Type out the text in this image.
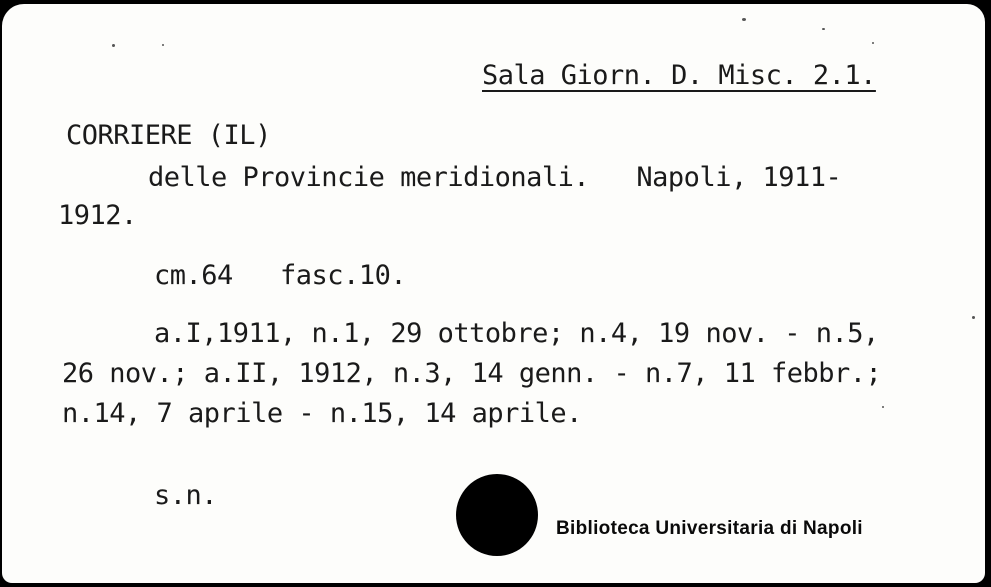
Sala Giorn. D. Misc. 2.1.
CORRIERE (IL)
delle Provincie meridionali.   Napoli, 1911-
1912.
cm.64   fasc.10.
a.I,1911, n.1, 29 ottobre; n.4, 19 nov. - n.5,
26 nov.; a.II, 1912, n.3, 14 genn. - n.7, 11 febbr.;
n.14, 7 aprile - n.15, 14 aprile.
s.n.
Biblioteca Universitaria di Napoli
